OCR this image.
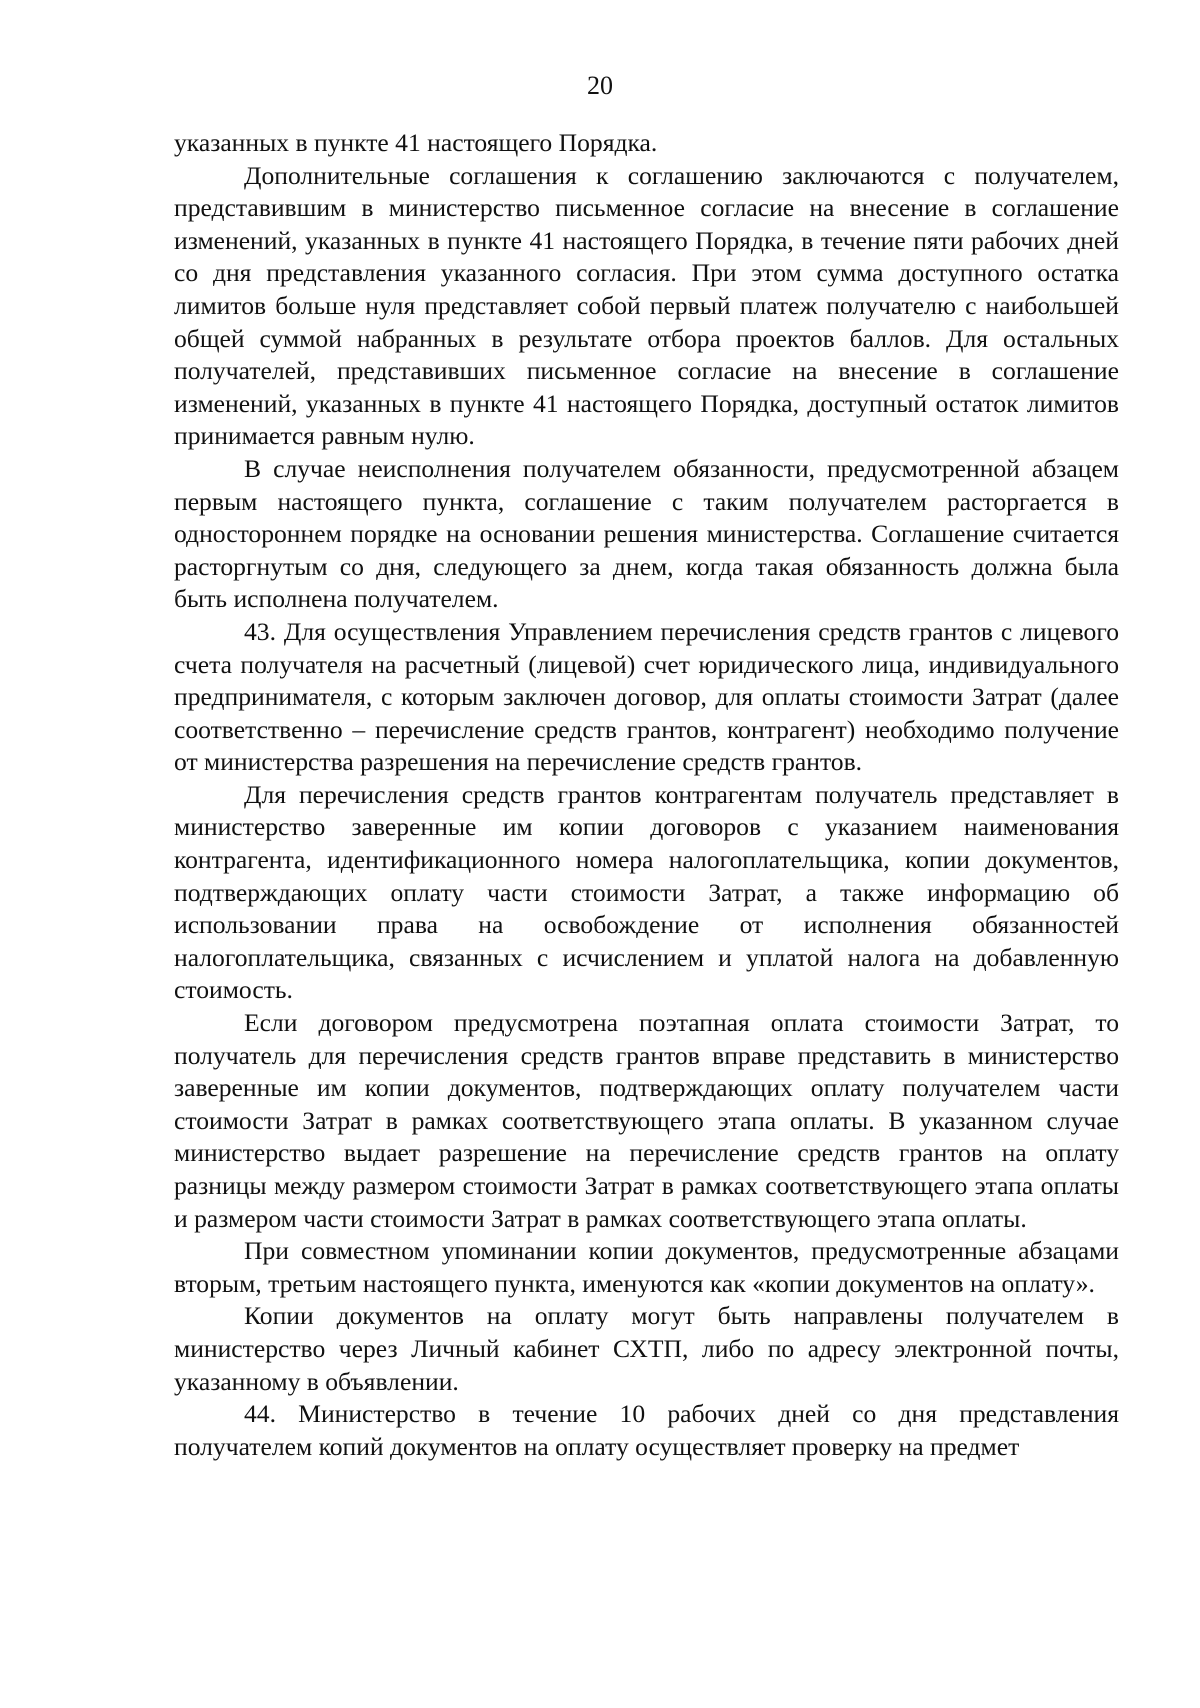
20

указанных в пункте 41 настоящего Порядка.

Дополнительные соглашения к соглашению заключаются с получателем, представившим в министерство письменное согласие на внесение в соглашение изменений, указанных в пункте 41 настоящего Порядка, в течение пяти рабочих дней со дня представления указанного согласия. При этом сумма доступного остатка лимитов больше нуля представляет собой первый платеж получателю с наибольшей общей суммой набранных в результате отбора проектов баллов. Для остальных получателей, представивших письменное согласие на внесение в соглашение изменений, указанных в пункте 41 настоящего Порядка, доступный остаток лимитов принимается равным нулю.

В случае неисполнения получателем обязанности, предусмотренной абзацем первым настоящего пункта, соглашение с таким получателем расторгается в одностороннем порядке на основании решения министерства. Соглашение считается расторгнутым со дня, следующего за днем, когда такая обязанность должна была быть исполнена получателем.

43. Для осуществления Управлением перечисления средств грантов с лицевого счета получателя на расчетный (лицевой) счет юридического лица, индивидуального предпринимателя, с которым заключен договор, для оплаты стоимости Затрат (далее соответственно – перечисление средств грантов, контрагент) необходимо получение от министерства разрешения на перечисление средств грантов.

Для перечисления средств грантов контрагентам получатель представляет в министерство заверенные им копии договоров с указанием наименования контрагента, идентификационного номера налогоплательщика, копии документов, подтверждающих оплату части стоимости Затрат, а также информацию об использовании права на освобождение от исполнения обязанностей налогоплательщика, связанных с исчислением и уплатой налога на добавленную стоимость.

Если договором предусмотрена поэтапная оплата стоимости Затрат, то получатель для перечисления средств грантов вправе представить в министерство заверенные им копии документов, подтверждающих оплату получателем части стоимости Затрат в рамках соответствующего этапа оплаты. В указанном случае министерство выдает разрешение на перечисление средств грантов на оплату разницы между размером стоимости Затрат в рамках соответствующего этапа оплаты и размером части стоимости Затрат в рамках соответствующего этапа оплаты.

При совместном упоминании копии документов, предусмотренные абзацами вторым, третьим настоящего пункта, именуются как «копии документов на оплату».

Копии документов на оплату могут быть направлены получателем в министерство через Личный кабинет СХТП, либо по адресу электронной почты, указанному в объявлении.

44. Министерство в течение 10 рабочих дней со дня представления получателем копий документов на оплату осуществляет проверку на предмет
